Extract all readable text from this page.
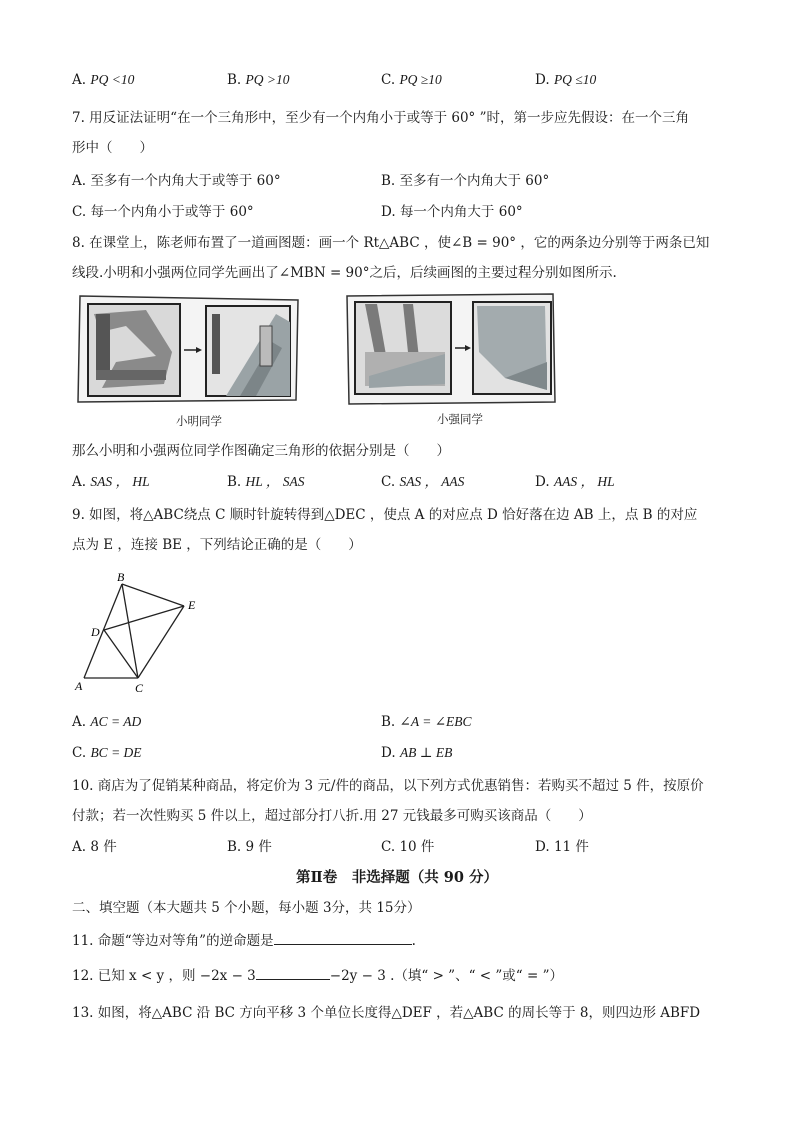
A. PQ <10	B. PQ >10	C. PQ ≥10	D. PQ ≤10
7. 用反证法证明“在一个三角形中，至少有一个内角小于或等于 60° ”时，第一步应先假设：在一个三角
形中（　　）
A. 至多有一个内角大于或等于 60°	B. 至多有一个内角大于 60°
C. 每一个内角小于或等于 60°	D. 每一个内角大于 60°
8. 在课堂上，陈老师布置了一道画图题：画一个 Rt△ABC ，使∠B = 90° ，它的两条边分别等于两条已知
线段.小明和小强两位同学先画出了∠MBN = 90°之后，后续画图的主要过程分别如图所示.
小明同学	小强同学
那么小明和小强两位同学作图确定三角形的依据分别是（　　）
A. SAS ， HL	B. HL ， SAS	C. SAS ， AAS	D. AAS ， HL
9. 如图，将△ABC绕点 C 顺时针旋转得到△DEC ，使点 A 的对应点 D 恰好落在边 AB 上，点 B 的对应
点为 E ，连接 BE ，下列结论正确的是（　　）
B
E
D
A	C
A. AC = AD	B. ∠A = ∠EBC
C. BC = DE	D. AB ⊥ EB
10. 商店为了促销某种商品，将定价为 3 元/件的商品，以下列方式优惠销售：若购买不超过 5 件，按原价
付款；若一次性购买 5 件以上，超过部分打八折.用 27 元钱最多可购买该商品（　　）
A. 8 件	B. 9 件	C. 10 件	D. 11 件
第Ⅱ卷　非选择题（共 90 分）
二、填空题（本大题共 5 个小题，每小题 3分，共 15分）
11. 命题“等边对等角”的逆命题是	.
12. 已知 x < y ，则 −2x − 3	−2y − 3 .（填“ > ”、“ < ”或“ = ”）
13. 如图，将△ABC 沿 BC 方向平移 3 个单位长度得△DEF ，若△ABC 的周长等于 8，则四边形 ABFD
